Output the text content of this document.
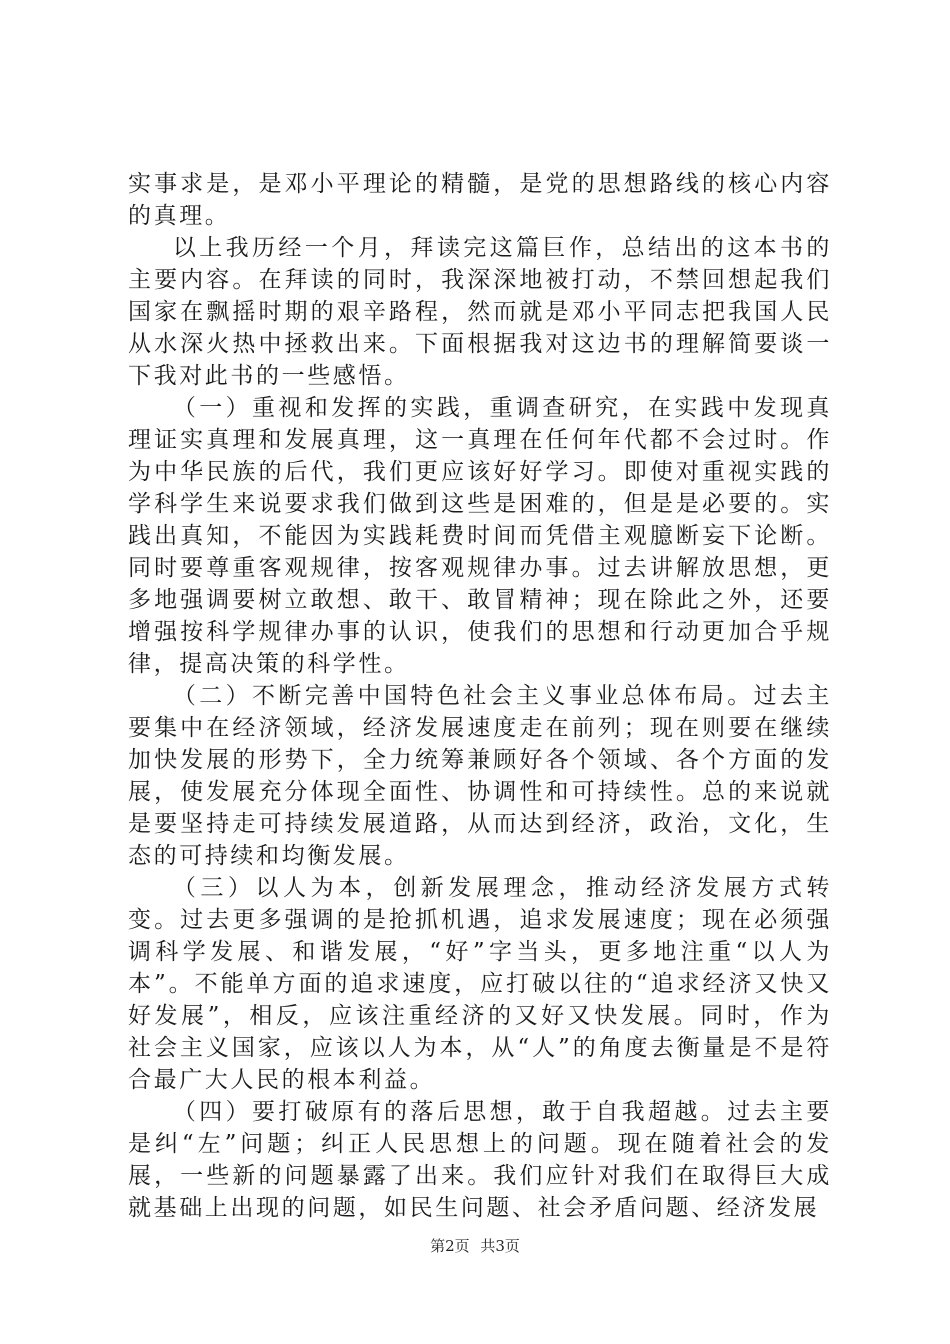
实事求是，是邓小平理论的精髓，是党的思想路线的核心内容的真理。

以上我历经一个月，拜读完这篇巨作，总结出的这本书的主要内容。在拜读的同时，我深深地被打动，不禁回想起我们国家在飘摇时期的艰辛路程，然而就是邓小平同志把我国人民从水深火热中拯救出来。下面根据我对这边书的理解简要谈一下我对此书的一些感悟。

（一）重视和发挥的实践，重调查研究，在实践中发现真理证实真理和发展真理，这一真理在任何年代都不会过时。作为中华民族的后代，我们更应该好好学习。即使对重视实践的学科学生来说要求我们做到这些是困难的，但是是必要的。实践出真知，不能因为实践耗费时间而凭借主观臆断妄下论断。同时要尊重客观规律，按客观规律办事。过去讲解放思想，更多地强调要树立敢想、敢干、敢冒精神；现在除此之外，还要增强按科学规律办事的认识，使我们的思想和行动更加合乎规律，提高决策的科学性。

（二）不断完善中国特色社会主义事业总体布局。过去主要集中在经济领域，经济发展速度走在前列；现在则要在继续加快发展的形势下，全力统筹兼顾好各个领域、各个方面的发展，使发展充分体现全面性、协调性和可持续性。总的来说就是要坚持走可持续发展道路，从而达到经济，政治，文化，生态的可持续和均衡发展。

（三）以人为本，创新发展理念，推动经济发展方式转变。过去更多强调的是抢抓机遇，追求发展速度；现在必须强调科学发展、和谐发展，“好”字当头，更多地注重“以人为本”。不能单方面的追求速度，应打破以往的“追求经济又快又好发展”，相反，应该注重经济的又好又快发展。同时，作为社会主义国家，应该以人为本，从“人”的角度去衡量是不是符合最广大人民的根本利益。

（四）要打破原有的落后思想，敢于自我超越。过去主要是纠“左”问题；纠正人民思想上的问题。现在随着社会的发展，一些新的问题暴露了出来。我们应针对我们在取得巨大成就基础上出现的问题，如民生问题、社会矛盾问题、经济发展

第2页 共3页
